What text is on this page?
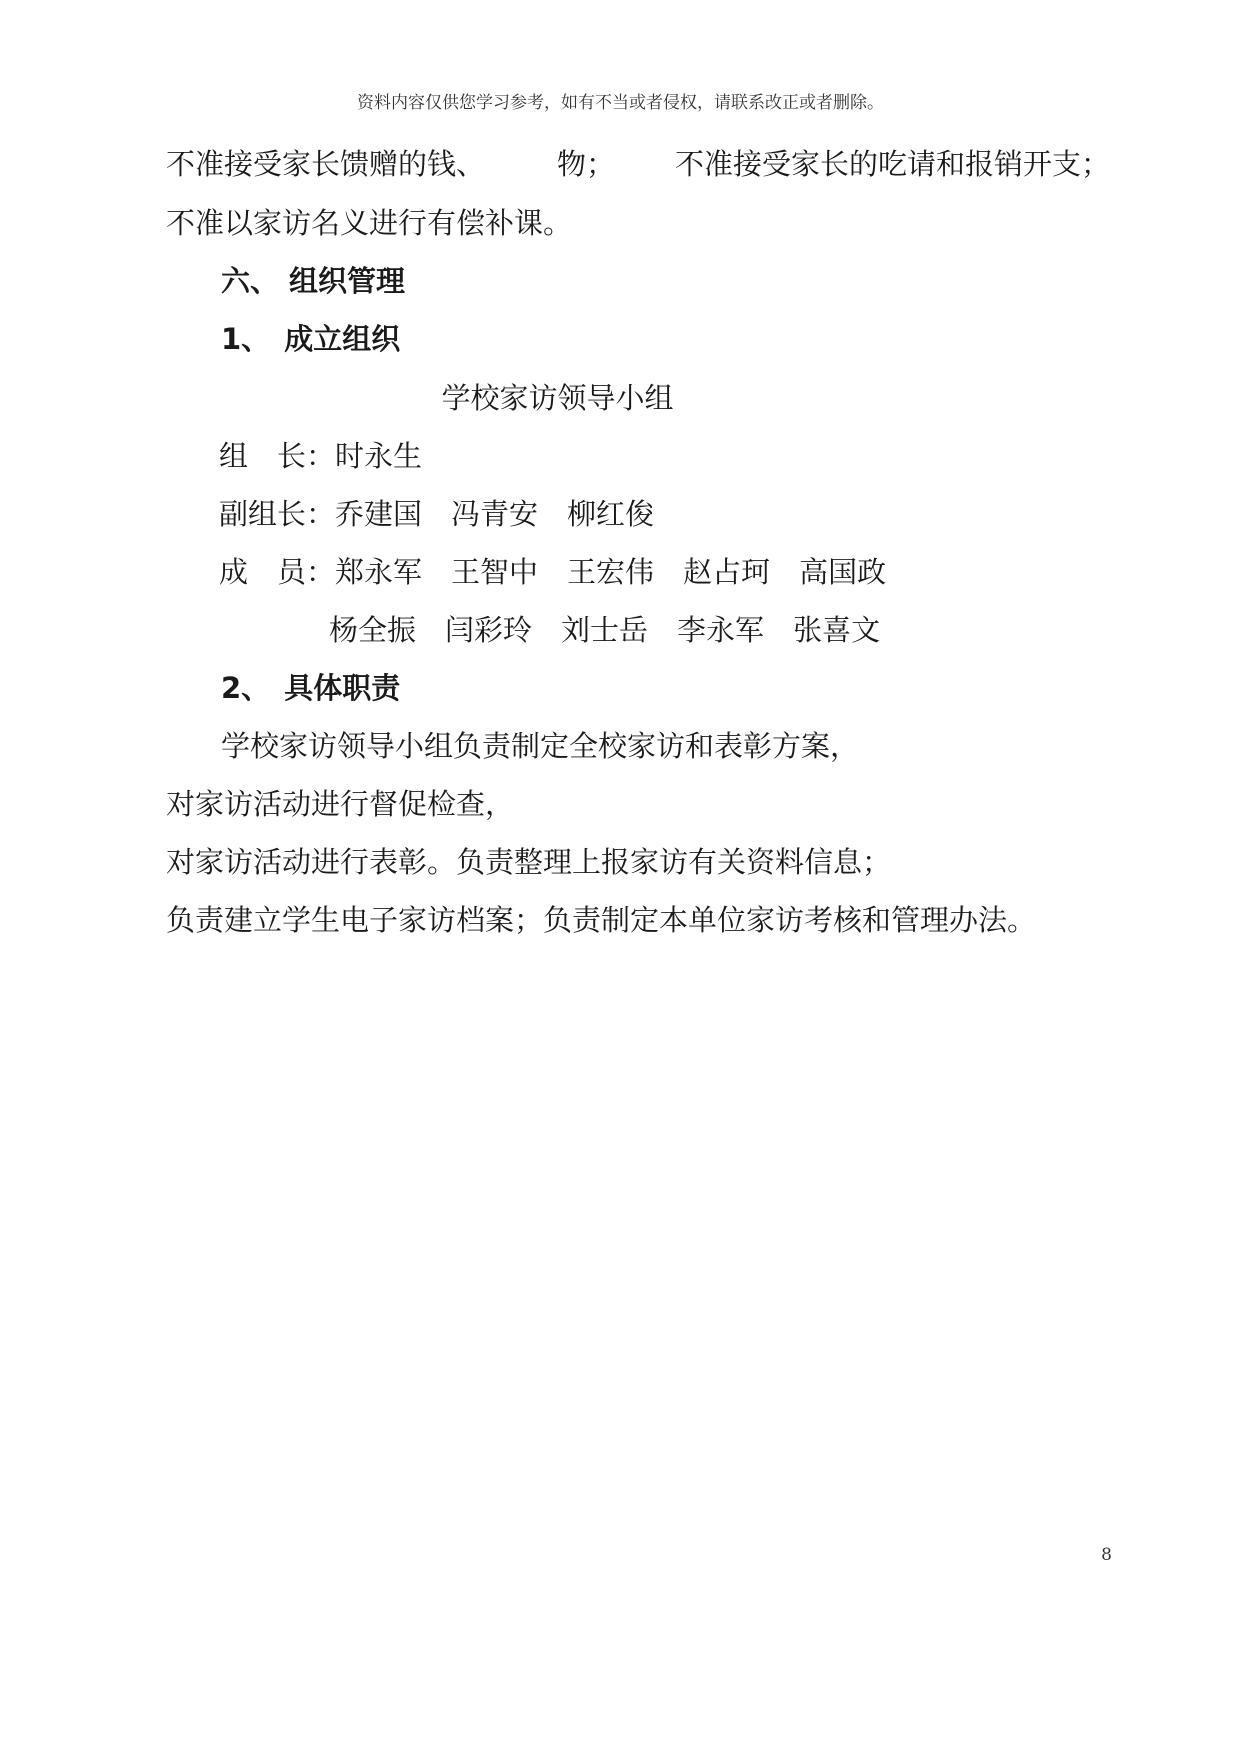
资料内容仅供您学习参考，如有不当或者侵权，请联系改正或者删除。
不准接受家长馈赠的钱、 物； 不准接受家长的吃请和报销开支；
不准以家访名义进行有偿补课。
六、 组织管理
1、 成立组织
学校家访领导小组
组　长：时永生
副组长：乔建国 冯青安 柳红俊
成　员：郑永军 王智中 王宏伟 赵占珂 高国政
杨全振 闫彩玲 刘士岳 李永军 张喜文
2、 具体职责
学校家访领导小组负责制定全校家访和表彰方案，
对家访活动进行督促检查，
对家访活动进行表彰。负责整理上报家访有关资料信息；
负责建立学生电子家访档案；负责制定本单位家访考核和管理办法。
8
